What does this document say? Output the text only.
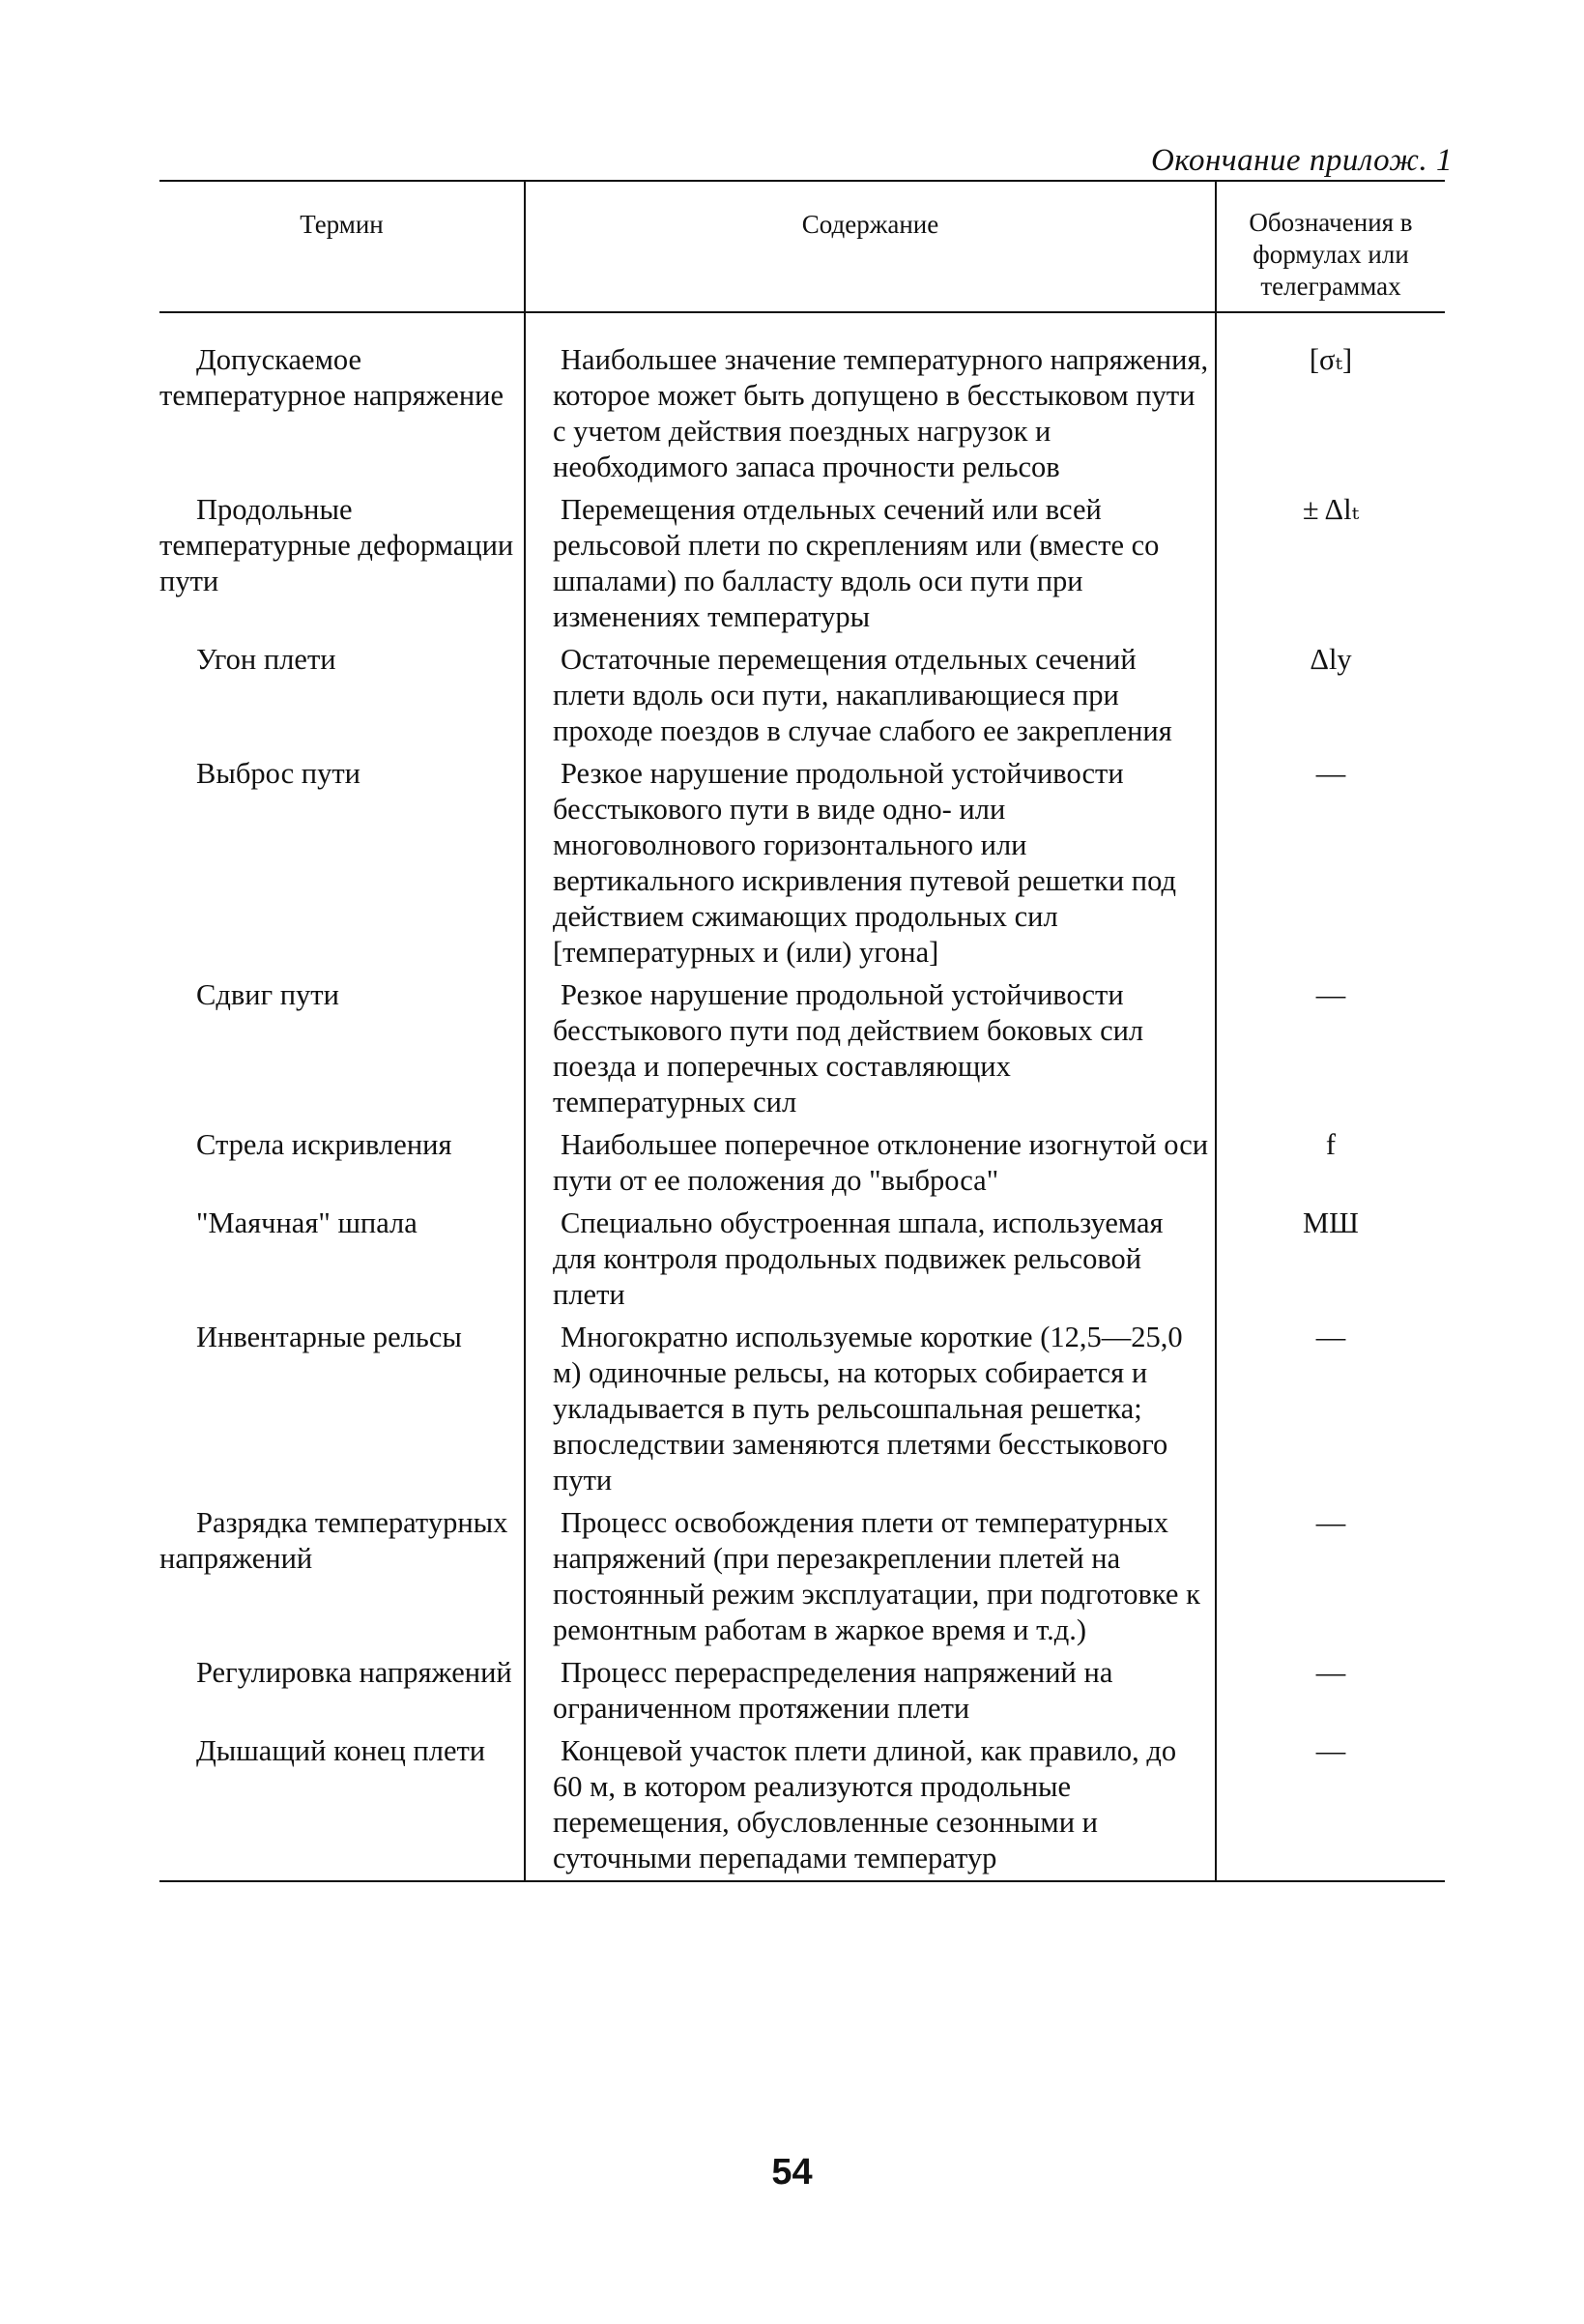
Окончание прилож. 1
Термин	Содержание	Обозначения в формулах или телеграммах

Допускаемое температурное напряжение	Наибольшее значение температурного напряжения, которое может быть допущено в бесстыковом пути с учетом действия поездных нагрузок и необходимого запаса прочности рельсов	[σₜ]

Продольные температурные деформации пути	Перемещения отдельных сечений или всей рельсовой плети по скреплениям или (вместе со шпалами) по балласту вдоль оси пути при изменениях температуры	± Δlₜ

Угон плети	Остаточные перемещения отдельных сечений плети вдоль оси пути, накапливающиеся при проходе поездов в случае слабого ее закрепления	Δlу

Выброс пути	Резкое нарушение продольной устойчивости бесстыкового пути в виде одно- или многоволнового горизонтального или вертикального искривления путевой решетки под действием сжимающих продольных сил [температурных и (или) угона]	—

Сдвиг пути	Резкое нарушение продольной устойчивости бесстыкового пути под действием боковых сил поезда и поперечных составляющих температурных сил	—

Стрела искривления	Наибольшее поперечное отклонение изогнутой оси пути от ее положения до "выброса"	f

"Маячная" шпала	Специально обустроенная шпала, используемая для контроля продольных подвижек рельсовой плети	МШ

Инвентарные рельсы	Многократно используемые короткие (12,5—25,0 м) одиночные рельсы, на которых собирается и укладывается в путь рельсошпальная решетка; впоследствии заменяются плетями бесстыкового пути	—

Разрядка температурных напряжений	Процесс освобождения плети от температурных напряжений (при перезакреплении плетей на постоянный режим эксплуатации, при подготовке к ремонтным работам в жаркое время и т.д.)	—

Регулировка напряжений	Процесс перераспределения напряжений на ограниченном протяжении плети	—

Дышащий конец плети	Концевой участок плети длиной, как правило, до 60 м, в котором реализуются продольные перемещения, обусловленные сезонными и суточными перепадами температур	—
54
